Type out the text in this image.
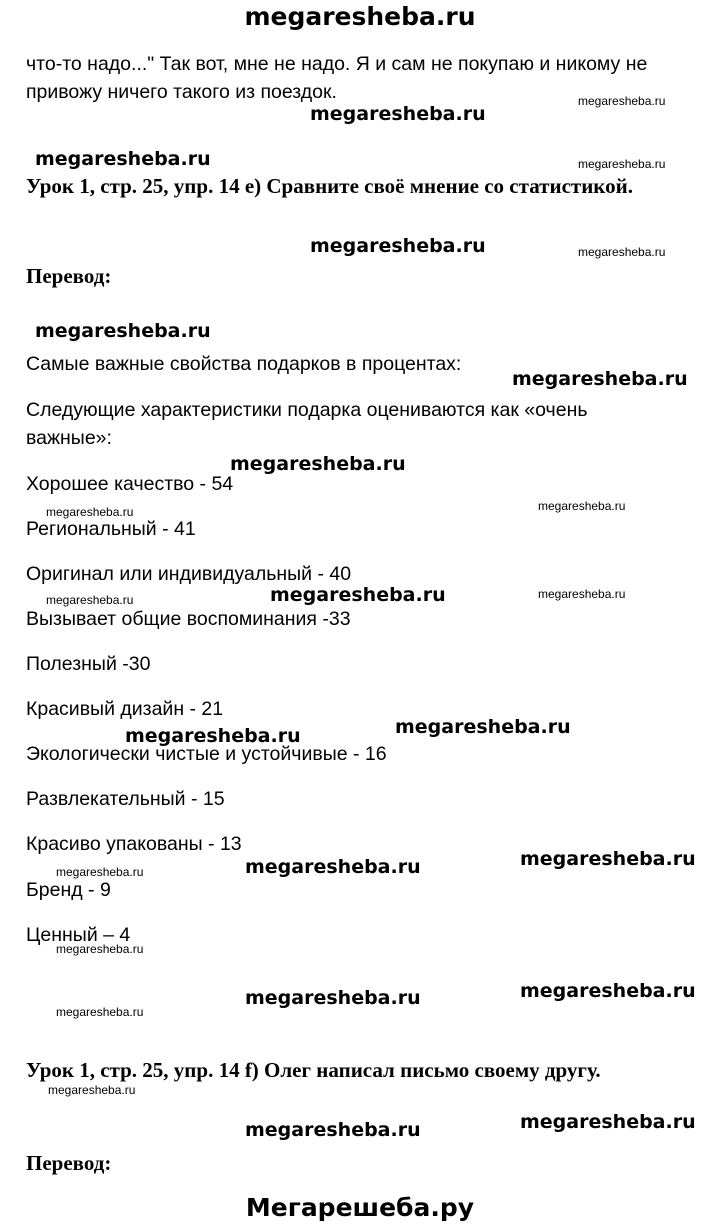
megaresheba.ru
что-то надо..." Так вот, мне не надо. Я и сам не покупаю и никому не
привожу ничего такого из поездок.
Урок 1, стр. 25, упр. 14 e) Сравните своё мнение со статистикой.
Перевод:
Самые важные свойства подарков в процентах:
Следующие характеристики подарка оцениваются как «очень
важные»:
Хорошее качество - 54
Региональный - 41
Оригинал или индивидуальный - 40
Вызывает общие воспоминания -33
Полезный -30
Красивый дизайн - 21
Экологически чистые и устойчивые - 16
Развлекательный - 15
Красиво упакованы - 13
Бренд - 9
Ценный – 4
Урок 1, стр. 25, упр. 14 f) Олег написал письмо своему другу.
Перевод:
megaresheba.ru
megaresheba.ru
megaresheba.ru
megaresheba.ru
megaresheba.ru
megaresheba.ru
megaresheba.ru
megaresheba.ru	megaresheba.ru
megaresheba.ru	megaresheba.ru
megaresheba.ru	megaresheba.ru
megaresheba.ru	megaresheba.ru
megaresheba.ru
megaresheba.ru
megaresheba.ru
megaresheba.ru
megaresheba.ru
megaresheba.ru
megaresheba.ru
megaresheba.ru
megaresheba.ru
megaresheba.ru
megaresheba.ru
Мегарешеба.ру
